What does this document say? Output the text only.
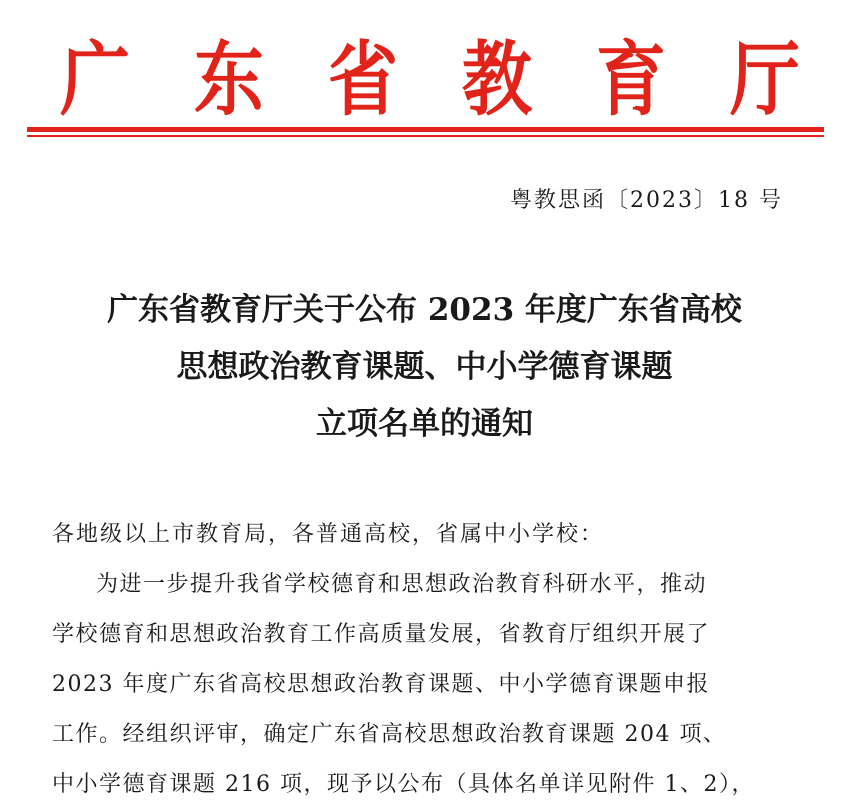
广 东 省 教 育 厅
粤教思函〔2023〕18 号
广东省教育厅关于公布 2023 年度广东省高校
思想政治教育课题、中小学德育课题
立项名单的通知

各地级以上市教育局，各普通高校，省属中小学校：

为进一步提升我省学校德育和思想政治教育科研水平，推动

学校德育和思想政治教育工作高质量发展，省教育厅组织开展了

2023 年度广东省高校思想政治教育课题、中小学德育课题申报

工作。经组织评审，确定广东省高校思想政治教育课题 204 项、

中小学德育课题 216 项，现予以公布（具体名单详见附件 1、2），
